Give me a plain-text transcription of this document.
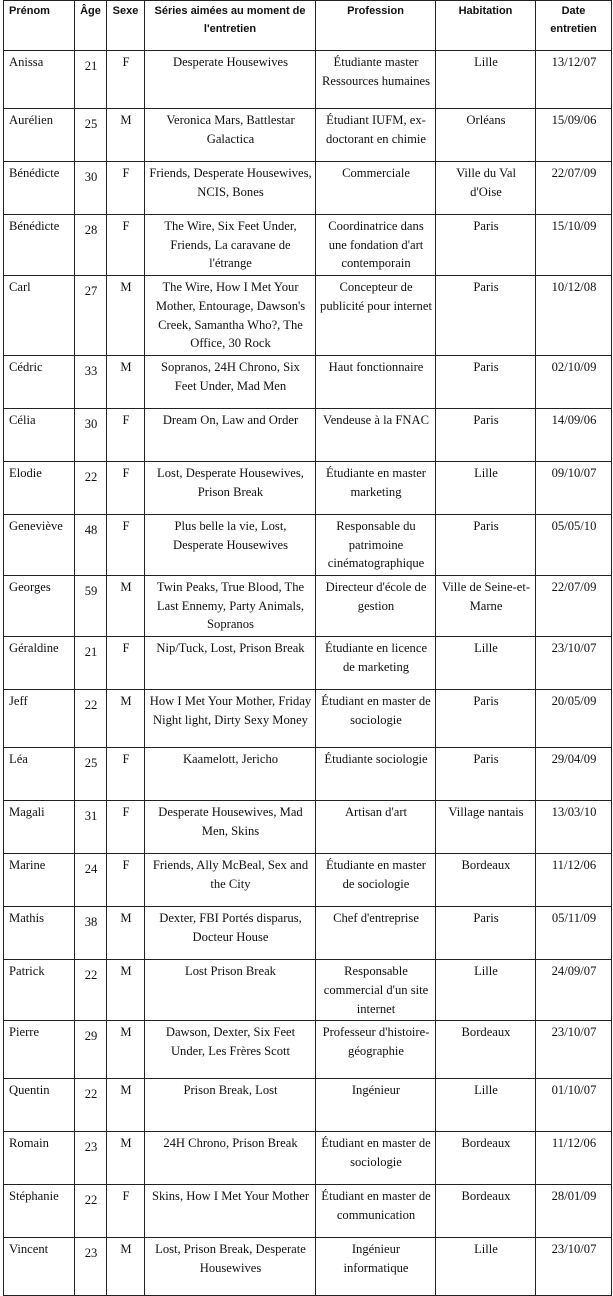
Prénom	Âge	Sexe	Séries aimées au moment de l'entretien	Profession	Habitation	Date entretien
Anissa	21	F	Desperate Housewives	Étudiante master Ressources humaines	Lille	13/12/07
Aurélien	25	M	Veronica Mars, Battlestar Galactica	Étudiant IUFM, ex-doctorant en chimie	Orléans	15/09/06
Bénédicte	30	F	Friends, Desperate Housewives, NCIS, Bones	Commerciale	Ville du Val d'Oise	22/07/09
Bénédicte	28	F	The Wire, Six Feet Under, Friends, La caravane de l'étrange	Coordinatrice dans une fondation d'art contemporain	Paris	15/10/09
Carl	27	M	The Wire, How I Met Your Mother, Entourage, Dawson's Creek, Samantha Who?, The Office, 30 Rock	Concepteur de publicité pour internet	Paris	10/12/08
Cédric	33	M	Sopranos, 24H Chrono, Six Feet Under, Mad Men	Haut fonctionnaire	Paris	02/10/09
Célia	30	F	Dream On, Law and Order	Vendeuse à la FNAC	Paris	14/09/06
Elodie	22	F	Lost, Desperate Housewives, Prison Break	Étudiante en master marketing	Lille	09/10/07
Geneviève	48	F	Plus belle la vie, Lost, Desperate Housewives	Responsable du patrimoine cinématographique	Paris	05/05/10
Georges	59	M	Twin Peaks, True Blood, The Last Ennemy, Party Animals, Sopranos	Directeur d'école de gestion	Ville de Seine-et-Marne	22/07/09
Géraldine	21	F	Nip/Tuck, Lost, Prison Break	Étudiante en licence de marketing	Lille	23/10/07
Jeff	22	M	How I Met Your Mother, Friday Night light, Dirty Sexy Money	Étudiant en master de sociologie	Paris	20/05/09
Léa	25	F	Kaamelott, Jericho	Étudiante sociologie	Paris	29/04/09
Magali	31	F	Desperate Housewives, Mad Men, Skins	Artisan d'art	Village nantais	13/03/10
Marine	24	F	Friends, Ally McBeal, Sex and the City	Étudiante en master de sociologie	Bordeaux	11/12/06
Mathis	38	M	Dexter, FBI Portés disparus, Docteur House	Chef d'entreprise	Paris	05/11/09
Patrick	22	M	Lost Prison Break	Responsable commercial d'un site internet	Lille	24/09/07
Pierre	29	M	Dawson, Dexter, Six Feet Under, Les Frères Scott	Professeur d'histoire-géographie	Bordeaux	23/10/07
Quentin	22	M	Prison Break, Lost	Ingénieur	Lille	01/10/07
Romain	23	M	24H Chrono, Prison Break	Étudiant en master de sociologie	Bordeaux	11/12/06
Stéphanie	22	F	Skins, How I Met Your Mother	Étudiant en master de communication	Bordeaux	28/01/09
Vincent	23	M	Lost, Prison Break, Desperate Housewives	Ingénieur informatique	Lille	23/10/07
